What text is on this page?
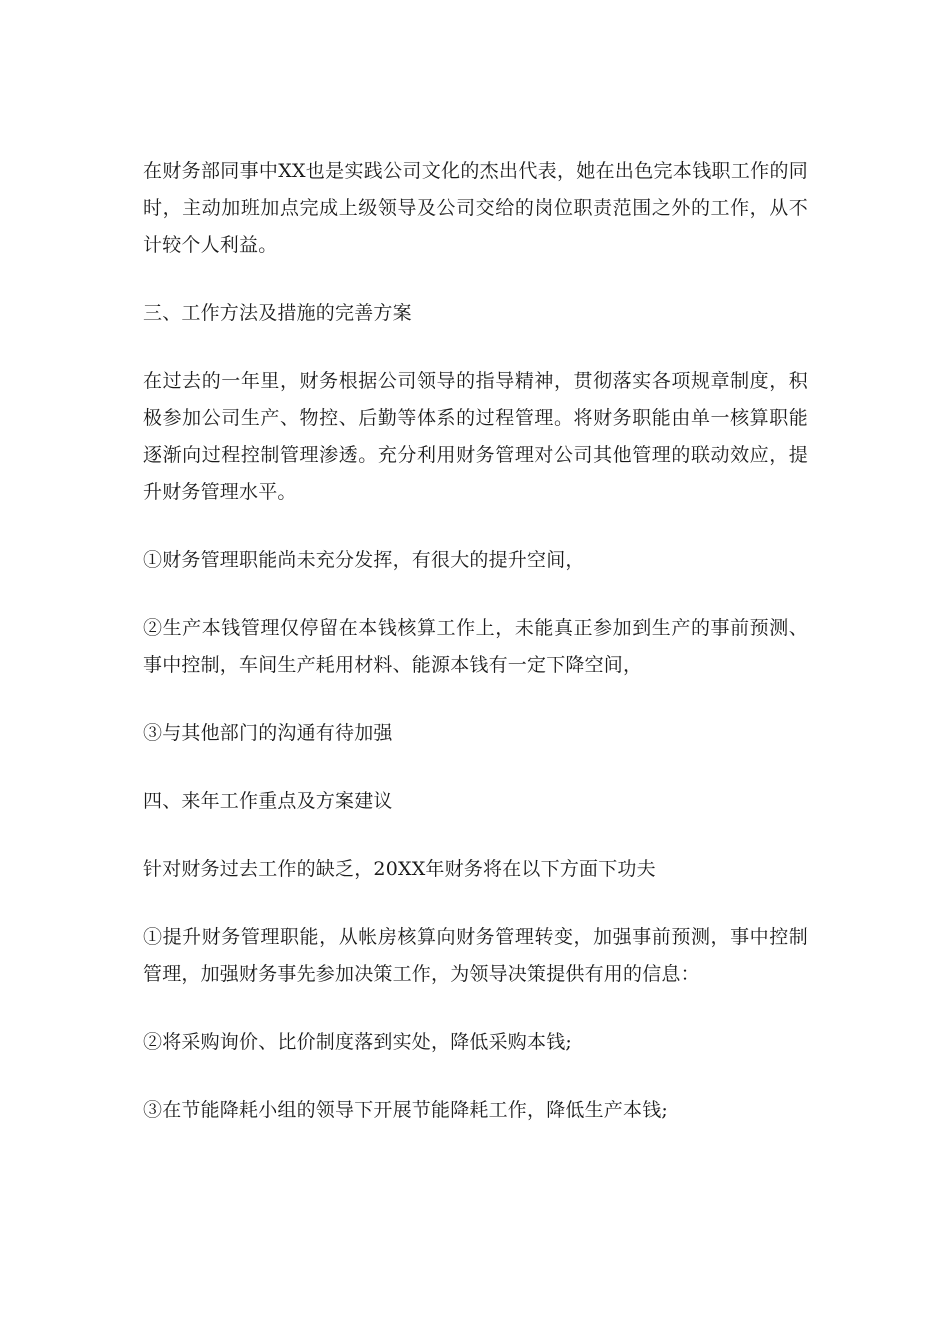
在财务部同事中XX也是实践公司文化的杰出代表，她在出色完本钱职工作的同时，主动加班加点完成上级领导及公司交给的岗位职责范围之外的工作，从不计较个人利益。

三、工作方法及措施的完善方案

在过去的一年里，财务根据公司领导的指导精神，贯彻落实各项规章制度，积极参加公司生产、物控、后勤等体系的过程管理。将财务职能由单一核算职能逐渐向过程控制管理渗透。充分利用财务管理对公司其他管理的联动效应，提升财务管理水平。

①财务管理职能尚未充分发挥，有很大的提升空间，

②生产本钱管理仅停留在本钱核算工作上，未能真正参加到生产的事前预测、事中控制，车间生产耗用材料、能源本钱有一定下降空间，

③与其他部门的沟通有待加强

四、来年工作重点及方案建议

针对财务过去工作的缺乏，20XX年财务将在以下方面下功夫

①提升财务管理职能，从帐房核算向财务管理转变，加强事前预测，事中控制管理，加强财务事先参加决策工作，为领导决策提供有用的信息：

②将采购询价、比价制度落到实处，降低采购本钱;

③在节能降耗小组的领导下开展节能降耗工作，降低生产本钱;
